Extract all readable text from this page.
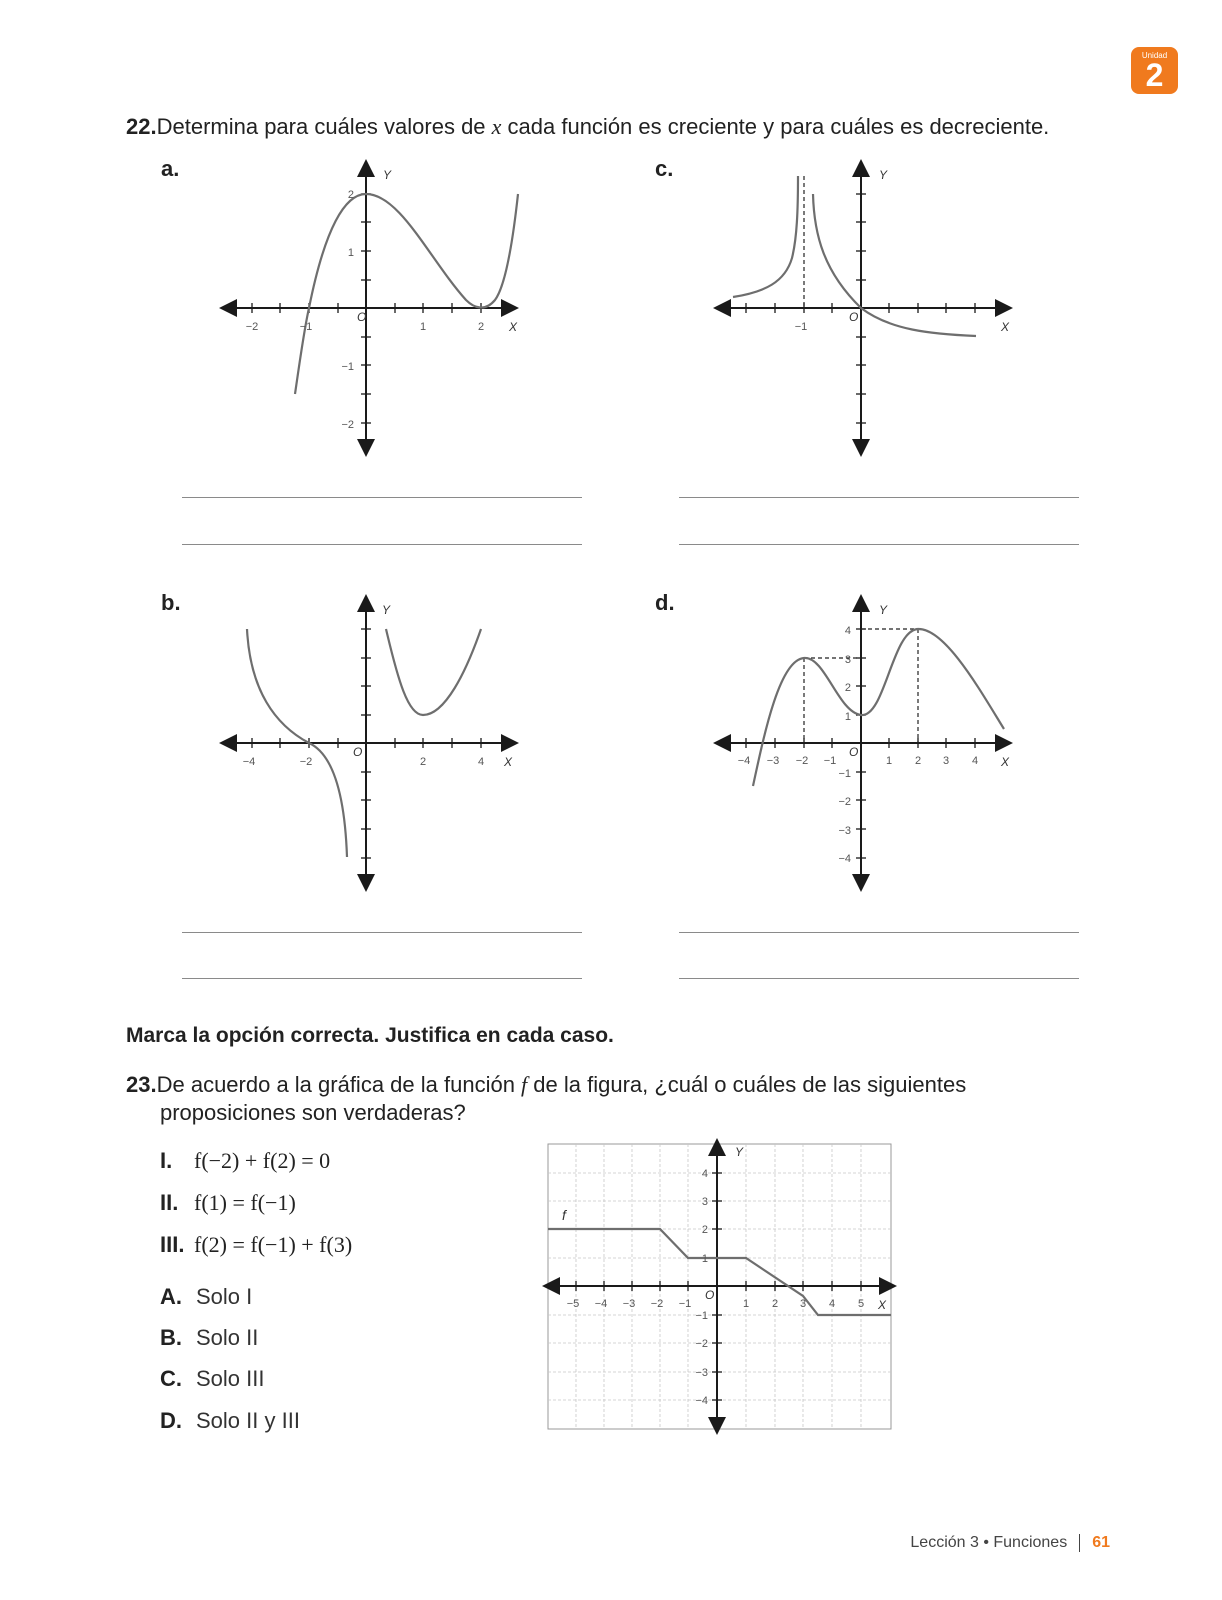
Unidad
2
22.Determina para cuáles valores de x cada función es creciente y para cuáles es decreciente.
a.	c.
b.	d.
−2	−1	1	2
2
1
−1
−2
O
X
Y
−1
O
X
Y
−4	−2	2	4
O
X
Y
−4 −3 −2 −1	1 2 3 4
4
3
2
1
−1
−2
−3
−4
O
X
Y
−5 −4 −3 −2 −1	1 2 3 4 5
4
3
2
1
−1
−2
−3
−4
O
X
Y
f
Marca la opción correcta. Justifica en cada caso.
23.De acuerdo a la gráfica de la función f de la figura, ¿cuál o cuáles de las siguientes
proposiciones son verdaderas?
I. f(−2) + f(2) = 0
II. f(1) = f(−1)
III. f(2) = f(−1) + f(3)
A. Solo I
B. Solo II
C. Solo III
D. Solo II y III
Lección 3 • Funciones 61
